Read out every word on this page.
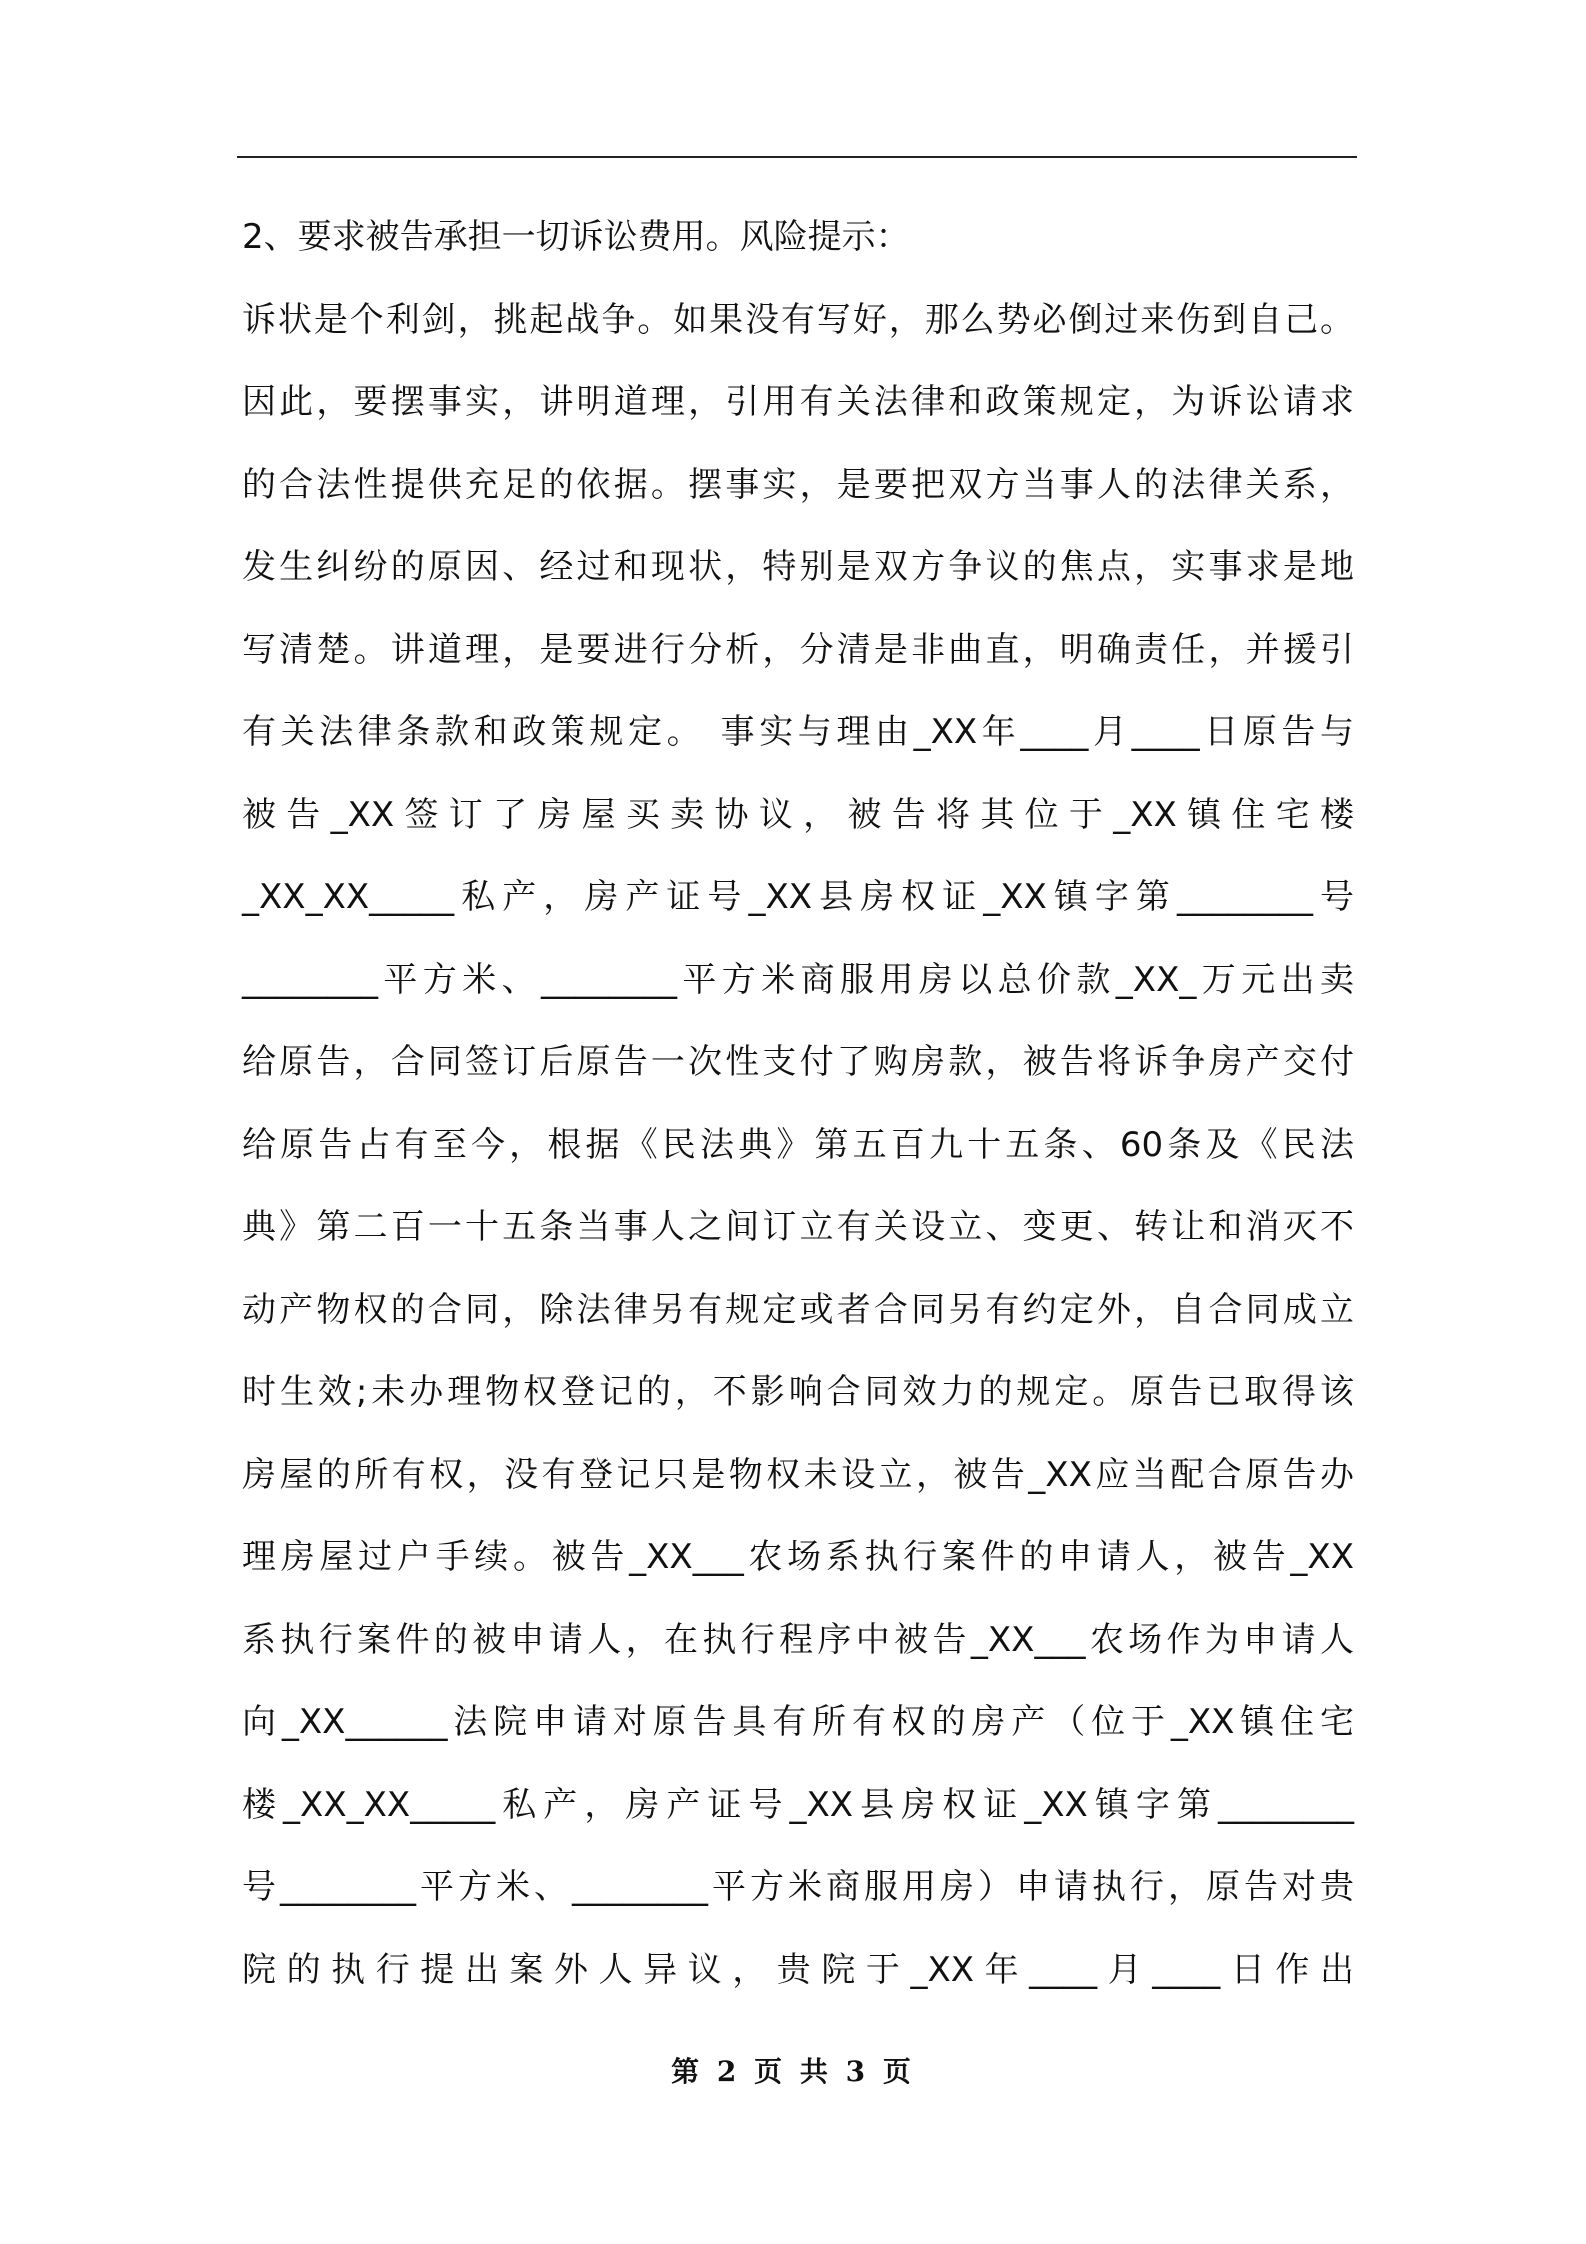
2、要求被告承担一切诉讼费用。风险提示：
诉状是个利剑，挑起战争。如果没有写好，那么势必倒过来伤到自己。
因此，要摆事实，讲明道理，引用有关法律和政策规定，为诉讼请求
的合法性提供充足的依据。摆事实，是要把双方当事人的法律关系，
发生纠纷的原因、经过和现状，特别是双方争议的焦点，实事求是地
写清楚。讲道理，是要进行分析，分清是非曲直，明确责任，并援引
有关法律条款和政策规定。 事实与理由_XX年____月____日原告与
被告_XX签订了房屋买卖协议，被告将其位于_XX镇住宅楼
_XX_XX_____私产，房产证号_XX县房权证_XX镇字第________号
________平方米、________平方米商服用房以总价款_XX_万元出卖
给原告，合同签订后原告一次性支付了购房款，被告将诉争房产交付
给原告占有至今，根据《民法典》第五百九十五条、60条及《民法
典》第二百一十五条当事人之间订立有关设立、变更、转让和消灭不
动产物权的合同，除法律另有规定或者合同另有约定外，自合同成立
时生效;未办理物权登记的，不影响合同效力的规定。原告已取得该
房屋的所有权，没有登记只是物权未设立，被告_XX应当配合原告办
理房屋过户手续。被告_XX___农场系执行案件的申请人，被告_XX
系执行案件的被申请人，在执行程序中被告_XX___农场作为申请人
向_XX______法院申请对原告具有所有权的房产（位于_XX镇住宅
楼_XX_XX_____私产，房产证号_XX县房权证_XX镇字第________
号________平方米、________平方米商服用房）申请执行，原告对贵
院的执行提出案外人异议，贵院于_XX年____月____日作出
第 2 页 共 3 页
